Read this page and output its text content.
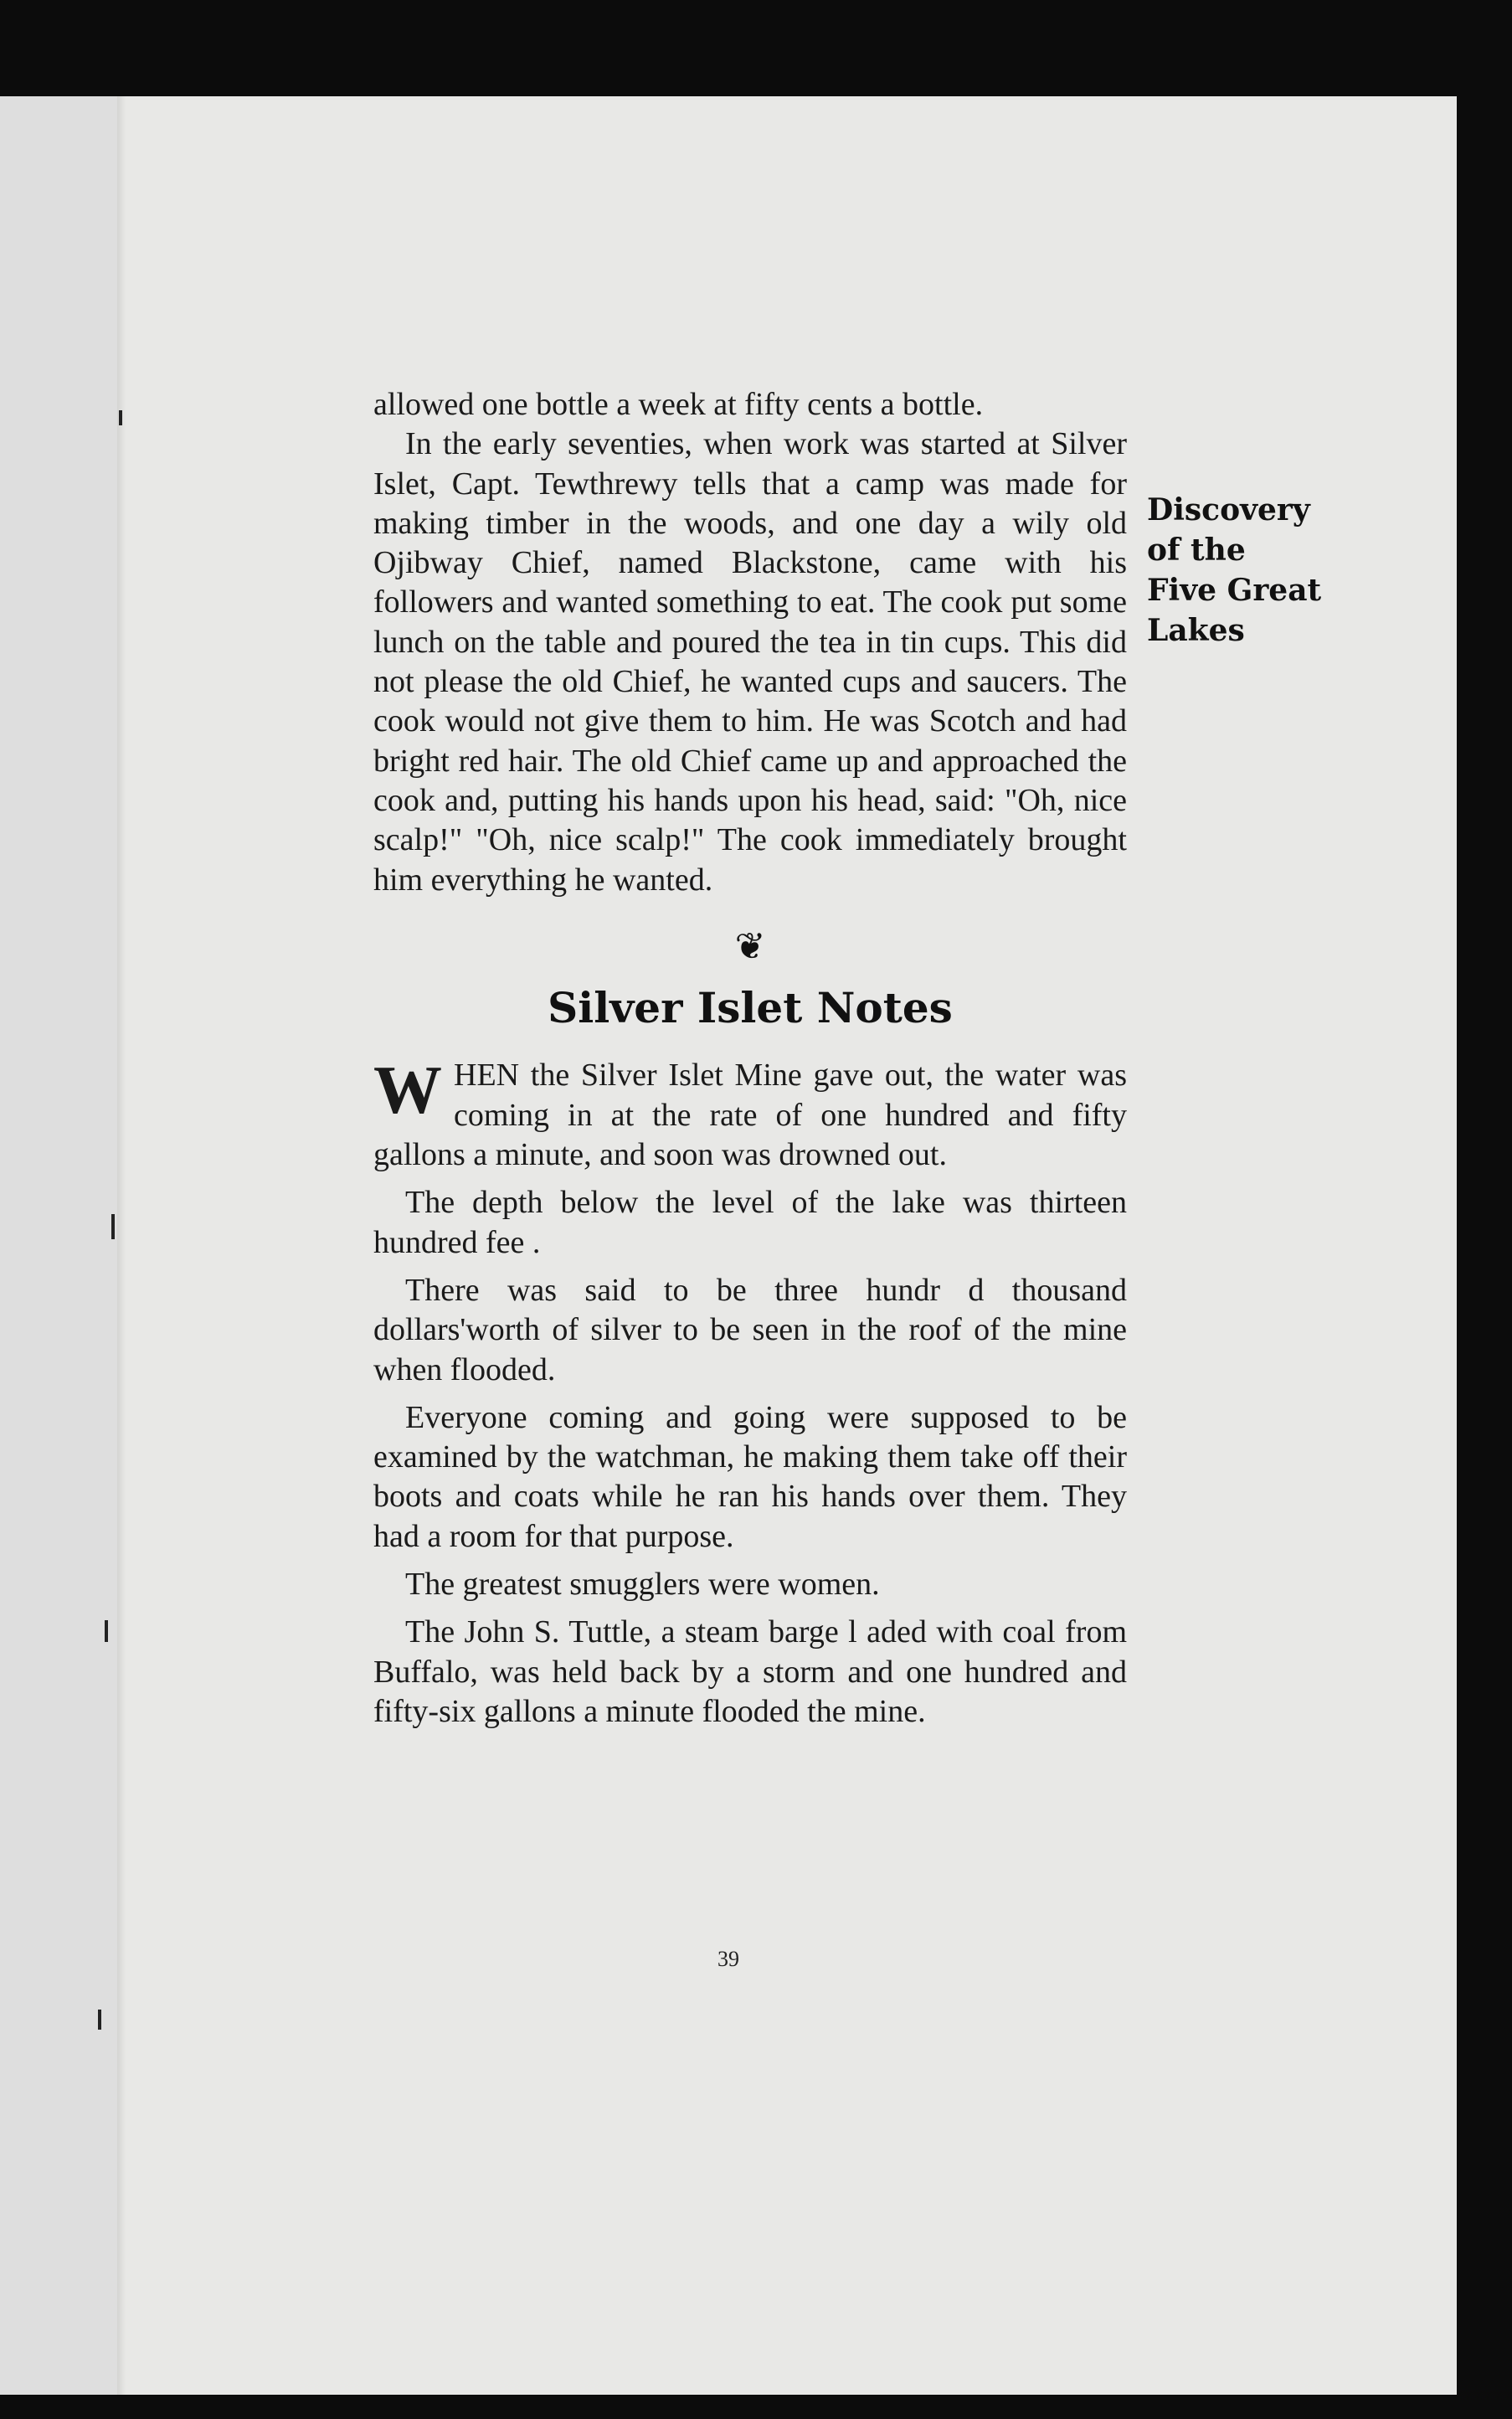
Discovery
of the
Five Great
Lakes

allowed one bottle a week at fifty cents a bottle.

In the early seventies, when work was started at Silver Islet, Capt. Tewthrewy tells that a camp was made for making timber in the woods, and one day a wily old Ojibway Chief, named Blackstone, came with his followers and wanted something to eat. The cook put some lunch on the table and poured the tea in tin cups. This did not please the old Chief, he wanted cups and saucers. The cook would not give them to him. He was Scotch and had bright red hair. The old Chief came up and approached the cook and, putting his hands upon his head, said: "Oh, nice scalp!" "Oh, nice scalp!" The cook immediately brought him everything he wanted.

❦
Silver Islet Notes

WHEN the Silver Islet Mine gave out, the water was coming in at the rate of one hundred and fifty gallons a minute, and soon was drowned out.

The depth below the level of the lake was thirteen hundred fee .

There was said to be three hundr d thousand dollars'worth of silver to be seen in the roof of the mine when flooded.

Everyone coming and going were supposed to be examined by the watchman, he making them take off their boots and coats while he ran his hands over them. They had a room for that purpose.

The greatest smugglers were women.

The John S. Tuttle, a steam barge l aded with coal from Buffalo, was held back by a storm and one hundred and fifty-six gallons a minute flooded the mine.

39
